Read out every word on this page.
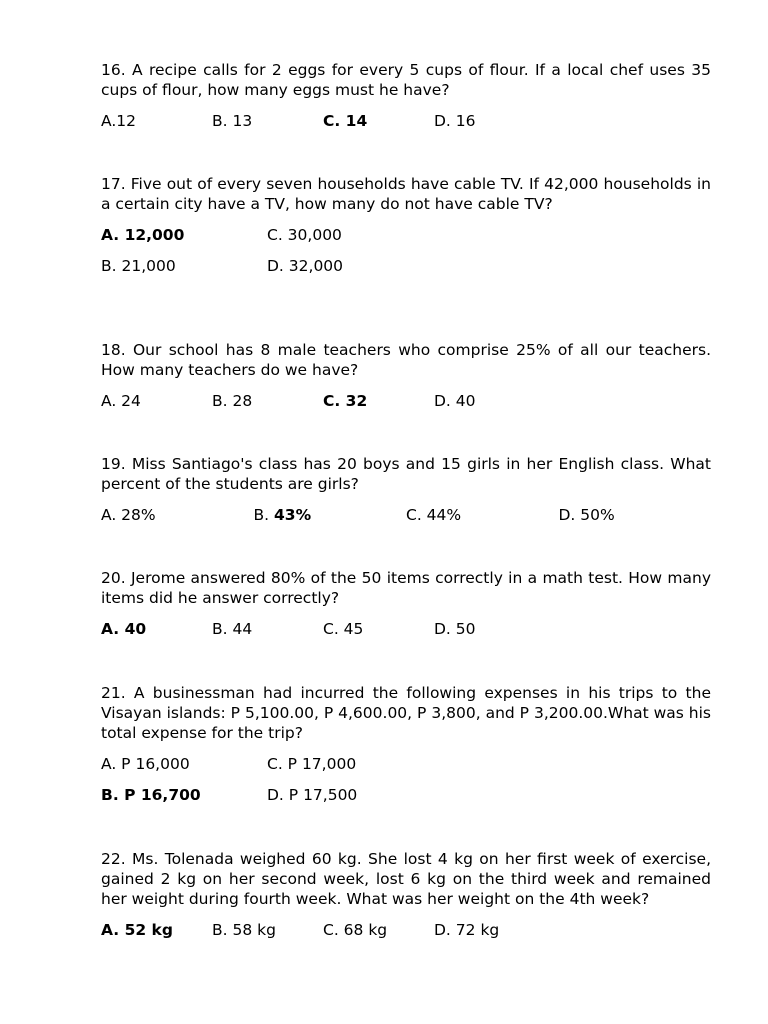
16. A recipe calls for 2 eggs for every 5 cups of flour. If a local chef uses 35 cups of flour, how many eggs must he have?

A.12	B. 13	C. 14	D. 16

17. Five out of every seven households have cable TV. If 42,000 households in a certain city have a TV, how many do not have cable TV?

A. 12,000	C. 30,000
B. 21,000	D. 32,000

18. Our school has 8 male teachers who comprise 25% of all our teachers. How many teachers do we have?

A. 24	B. 28	C. 32	D. 40

19. Miss Santiago's class has 20 boys and 15 girls in her English class. What percent of the students are girls?

A. 28%	B. 43%	C. 44%	D. 50%

20. Jerome answered 80% of the 50 items correctly in a math test. How many items did he answer correctly?

A. 40	B. 44	C. 45	D. 50

21. A businessman had incurred the following expenses in his trips to the Visayan islands: P 5,100.00, P 4,600.00, P 3,800, and P 3,200.00.What was his total expense for the trip?

A. P 16,000	C. P 17,000
B. P 16,700	D. P 17,500

22. Ms. Tolenada weighed 60 kg. She lost 4 kg on her first week of exercise, gained 2 kg on her second week, lost 6 kg on the third week and remained her weight during fourth week. What was her weight on the 4th week?

A. 52 kg	B. 58 kg	C. 68 kg	D. 72 kg
